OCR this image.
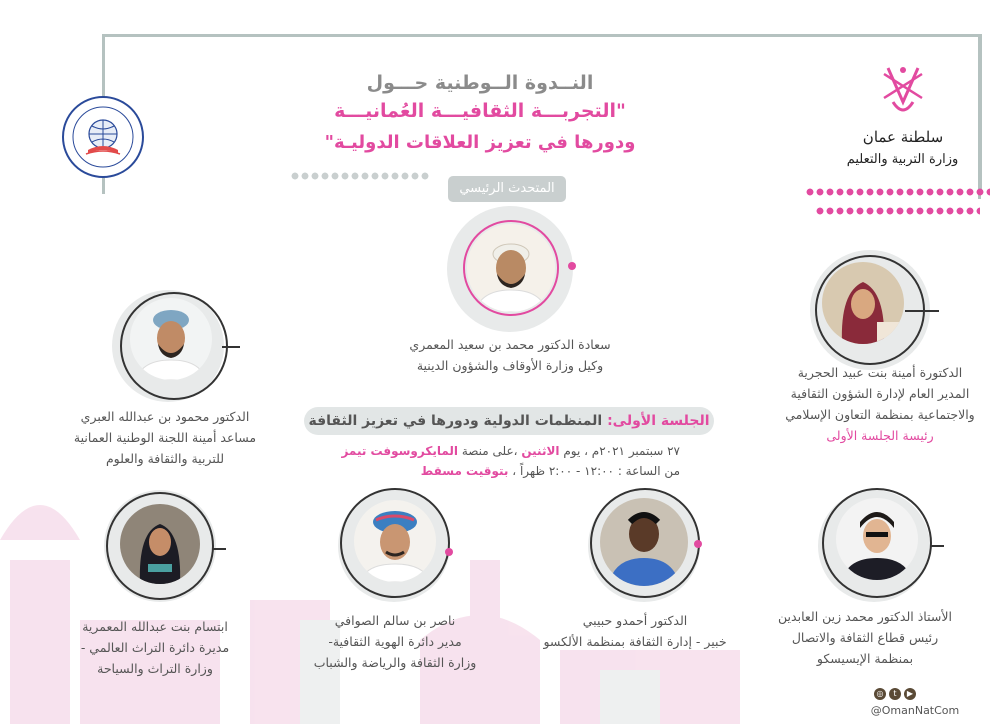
النــدوة الــوطنية حـــول
"التجربـــة الثقافيـــة العُمانيـــة
ودورها في تعزيز العلاقات الدوليـة"	سلطنة عمان
وزارة التربية والتعليم
المتحدث الرئيسي
سعادة الدكتور محمد بن سعيد المعمري
وكيل وزارة الأوقاف والشؤون الدينية	الدكتورة أمينة بنت عبيد الحجرية
المدير العام لإدارة الشؤون الثقافية
والاجتماعية بمنظمة التعاون الإسلامي
رئيسة الجلسة الأولى
الدكتور محمود بن عبدالله العبري
مساعد أمينة اللجنة الوطنية العمانية
للتربية والثقافة والعلوم
الجلسة الأولى: المنظمات الدولية ودورها في تعزيز الثقافة
٢٧ سبتمبر ٢٠٢١م ، يوم الاثنين ،على منصة المايكروسوفت تيمز
من الساعة : ١٢:٠٠ - ٢:٠٠ ظهراً ، بتوقيت مسقط
الأستاذ الدكتور محمد زين العابدين
رئيس قطاع الثقافة والاتصال
بمنظمة الإيسيسكو
الدكتور أحمدو حبيبي
خبير - إدارة الثقافة بمنظمة الألكسو
ناصر بن سالم الصوافي
مدير دائرة الهوية الثقافية-
وزارة الثقافة والرياضة والشباب
ابتسام بنت عبدالله المعمرية
مديرة دائرة التراث العالمي -
وزارة التراث والسياحة
◎	t	▶
@OmanNatCom
